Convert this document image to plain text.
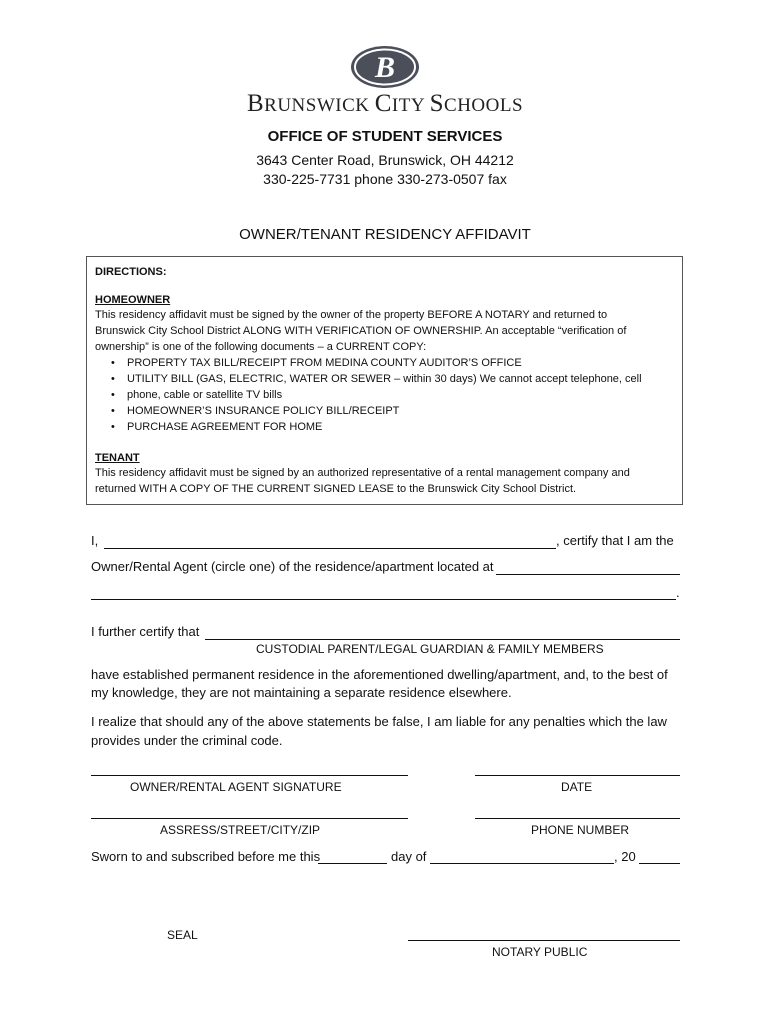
B
BRUNSWICK CITY SCHOOLS
OFFICE OF STUDENT SERVICES
3643 Center Road, Brunswick, OH 44212
330-225-7731 phone 330-273-0507 fax
OWNER/TENANT RESIDENCY AFFIDAVIT
DIRECTIONS:
HOMEOWNER
This residency affidavit must be signed by the owner of the property BEFORE A NOTARY and returned to
Brunswick City School District ALONG WITH VERIFICATION OF OWNERSHIP. An acceptable “verification of
ownership” is one of the following documents – a CURRENT COPY:
• PROPERTY TAX BILL/RECEIPT FROM MEDINA COUNTY AUDITOR’S OFFICE
• UTILITY BILL (GAS, ELECTRIC, WATER OR SEWER – within 30 days) We cannot accept telephone, cell
• phone, cable or satellite TV bills
• HOMEOWNER’S INSURANCE POLICY BILL/RECEIPT
• PURCHASE AGREEMENT FOR HOME
TENANT
This residency affidavit must be signed by an authorized representative of a rental management company and
returned WITH A COPY OF THE CURRENT SIGNED LEASE to the Brunswick City School District.
I,	, certify that I am the
Owner/Rental Agent (circle one) of the residence/apartment located at
.
I further certify that
CUSTODIAL PARENT/LEGAL GUARDIAN & FAMILY MEMBERS
have established permanent residence in the aforementioned dwelling/apartment, and, to the best of
my knowledge, they are not maintaining a separate residence elsewhere.
I realize that should any of the above statements be false, I am liable for any penalties which the law
provides under the criminal code.
OWNER/RENTAL AGENT SIGNATURE	DATE
ASSRESS/STREET/CITY/ZIP	PHONE NUMBER
Sworn to and subscribed before me this	day of	, 20
SEAL
NOTARY PUBLIC
